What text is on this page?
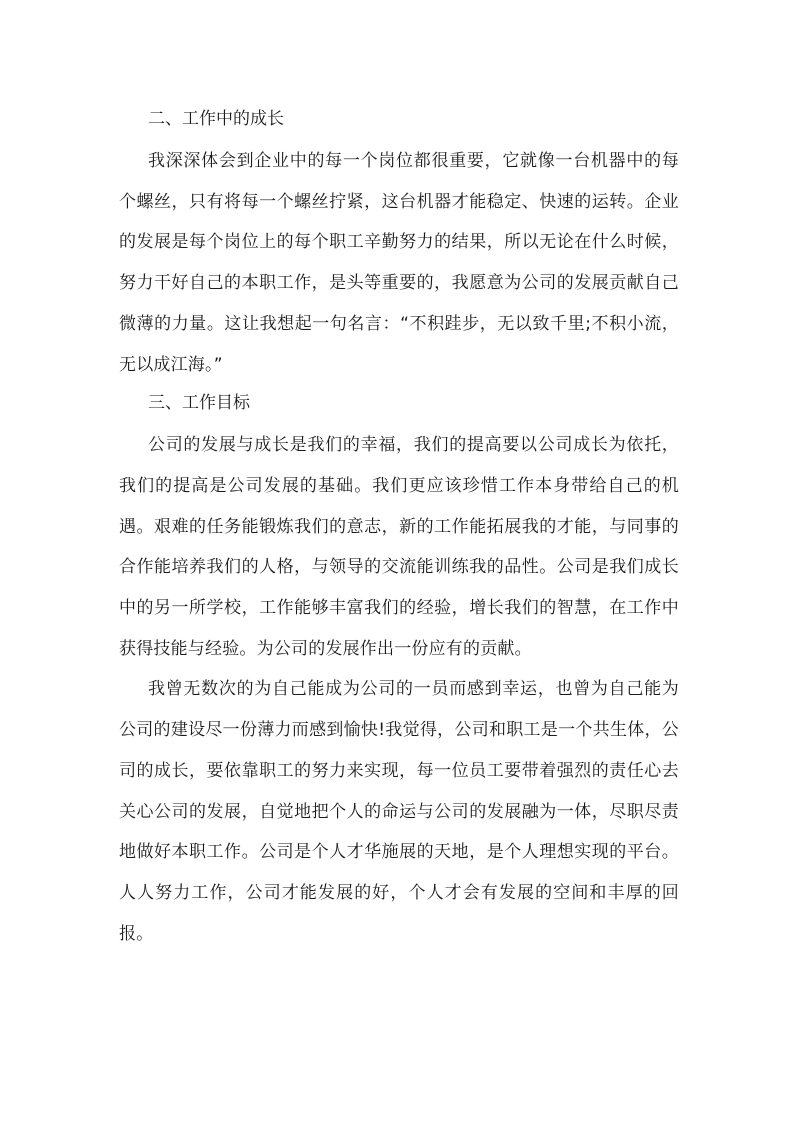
二、工作中的成长

我深深体会到企业中的每一个岗位都很重要，它就像一台机器中的每个螺丝，只有将每一个螺丝拧紧，这台机器才能稳定、快速的运转。企业的发展是每个岗位上的每个职工辛勤努力的结果，所以无论在什么时候，努力干好自己的本职工作，是头等重要的，我愿意为公司的发展贡献自己微薄的力量。这让我想起一句名言：“不积跬步，无以致千里;不积小流，无以成江海。”

三、工作目标

公司的发展与成长是我们的幸福，我们的提高要以公司成长为依托，我们的提高是公司发展的基础。我们更应该珍惜工作本身带给自己的机遇。艰难的任务能锻炼我们的意志，新的工作能拓展我的才能，与同事的合作能培养我们的人格，与领导的交流能训练我的品性。公司是我们成长中的另一所学校，工作能够丰富我们的经验，增长我们的智慧，在工作中获得技能与经验。为公司的发展作出一份应有的贡献。

我曾无数次的为自己能成为公司的一员而感到幸运，也曾为自己能为公司的建设尽一份薄力而感到愉快!我觉得，公司和职工是一个共生体，公司的成长，要依靠职工的努力来实现，每一位员工要带着强烈的责任心去关心公司的发展，自觉地把个人的命运与公司的发展融为一体，尽职尽责地做好本职工作。公司是个人才华施展的天地，是个人理想实现的平台。人人努力工作，公司才能发展的好，个人才会有发展的空间和丰厚的回报。
